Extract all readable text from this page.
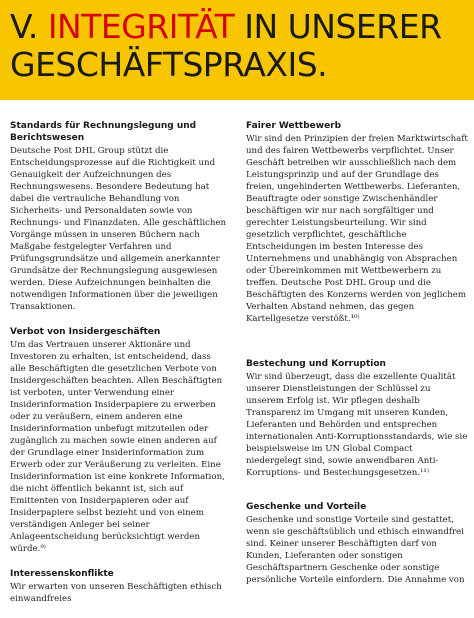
V. INTEGRITÄT IN UNSERER GESCHÄFTSPRAXIS.
Standards für Rechnungslegung und Berichtswesen

Deutsche Post DHL Group stützt die Entscheidungsprozesse auf die Richtigkeit und Genauigkeit der Aufzeichnungen des Rechnungswesens. Besondere Bedeutung hat dabei die vertrauliche Behandlung von Sicherheits- und Personaldaten sowie von Rechnungs- und Finanzdaten. Alle geschäftlichen Vorgänge müssen in unseren Büchern nach Maßgabe festgelegter Verfahren und Prüfungsgrundsätze und allgemein anerkannter Grundsätze der Rechnungslegung ausgewiesen werden. Diese Aufzeichnungen beinhalten die notwendigen Informationen über die jeweiligen Transaktionen.

Verbot von Insidergeschäften

Um das Vertrauen unserer Aktionäre und Investoren zu erhalten, ist entscheidend, dass alle Beschäftigten die gesetzlichen Verbote von Insidergeschäften beachten. Allen Beschäftigten ist verboten, unter Verwendung einer Insiderinformation Insiderpapiere zu erwerben oder zu veräußern, einem anderen eine Insiderinformation unbefugt mitzuteilen oder zugänglich zu machen sowie einen anderen auf der Grundlage einer Insiderinformation zum Erwerb oder zur Veräußerung zu verleiten. Eine Insiderinformation ist eine konkrete Information, die nicht öffentlich bekannt ist, sich auf Emittenten von Insiderpapieren oder auf Insiderpapiere selbst bezieht und von einem verständigen Anleger bei seiner Anlageentscheidung berücksichtigt werden würde.⁹⁾

Interessenskonflikte

Wir erwarten von unseren Beschäftigten ethisch einwandfreies

Fairer Wettbewerb

Wir sind den Prinzipien der freien Marktwirtschaft und des fairen Wettbewerbs verpflichtet. Unser Geschäft betreiben wir ausschließlich nach dem Leistungsprinzip und auf der Grundlage des freien, ungehinderten Wettbewerbs. Lieferanten, Beauftragte oder sonstige Zwischenhändler beschäftigen wir nur nach sorgfältiger und gerechter Leistungsbeurteilung. Wir sind gesetzlich verpflichtet, geschäftliche Entscheidungen im besten Interesse des Unternehmens und unabhängig von Absprachen oder Übereinkommen mit Wettbewerbern zu treffen. Deutsche Post DHL Group und die Beschäftigten des Konzerns werden von jeglichem Verhalten Abstand nehmen, das gegen Kartellgesetze verstößt.¹⁰⁾

Bestechung und Korruption

Wir sind überzeugt, dass die exzellente Qualität unserer Dienstleistungen der Schlüssel zu unserem Erfolg ist. Wir pflegen deshalb Transparenz im Umgang mit unseren Kunden, Lieferanten und Behörden und entsprechen internationalen Anti-Korruptionsstandards, wie sie beispielsweise im UN Global Compact niedergelegt sind, sowie anwendbaren Anti-Korruptions- und Bestechungsgesetzen.¹¹⁾

Geschenke und Vorteile

Geschenke und sonstige Vorteile sind gestattet, wenn sie geschäftsüblich und ethisch einwandfrei sind. Keiner unserer Beschäftigten darf von Kunden, Lieferanten oder sonstigen Geschäftspartnern Geschenke oder sonstige persönliche Vorteile einfordern. Die Annahme von
